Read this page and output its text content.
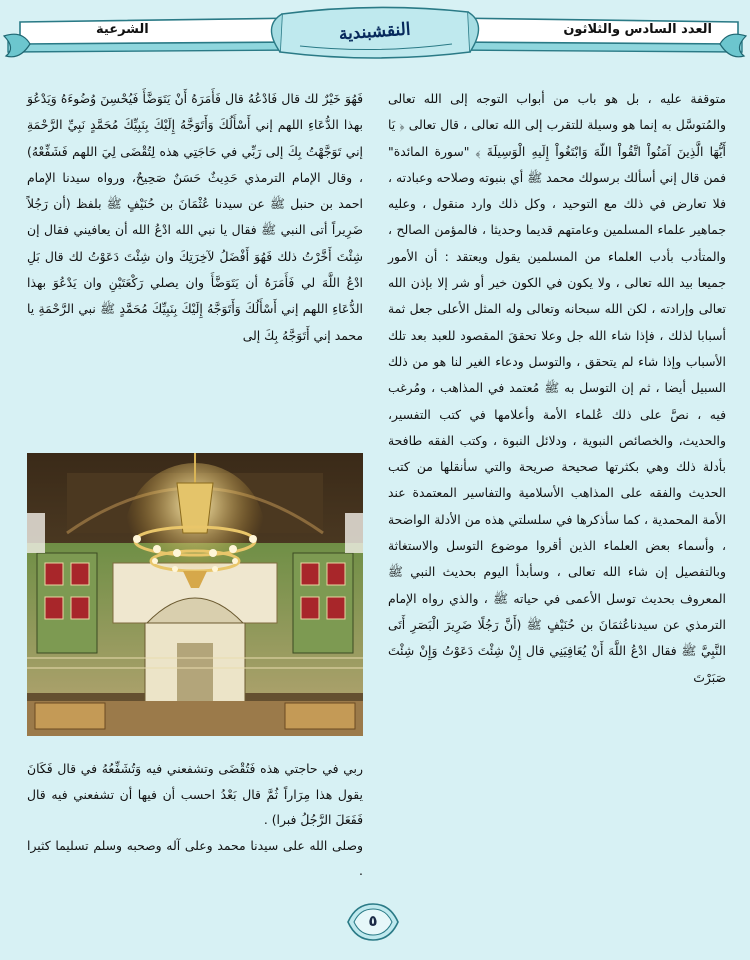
الشرعية	النقشبندية	العدد السادس والثلاثون

متوقفة عليه ، بل هو باب من أبواب التوجه إلى الله تعالى والمُتوسَّل به إنما هو وسيلة للتقرب إلى الله تعالى ، قال تعالى ﴿ يَا أَيُّهَا الَّذِينَ آمَنُواْ اتَّقُواْ اللّهَ وَابْتَغُواْ إِلَيهِ الْوَسِيلَةَ ﴾ "سورة المائدة" فمن قال إني أسألك برسولك محمد ﷺ أي بنبوته وصلاحه وعبادته ، فلا تعارض في ذلك مع التوحيد ، وكل ذلك وارد منقول ، وعليه جماهير علماء المسلمين وعامتهم قديما وحديثا ، فالمؤمن الصالح ، والمتأدب بأدب العلماء من المسلمين يقول ويعتقد : أن الأمور جميعا بيد الله تعالى ، ولا يكون في الكون خير أو شر إلا بإذن الله تعالى وإرادته ، لكن الله سبحانه وتعالى وله المثل الأعلى جعل ثمة أسبابا لذلك ، فإذا شاء الله جل وعلا تحققَ المقصود للعبد بعد تلك الأسباب وإذا شاء لم يتحقق ، والتوسل ودعاء الغير لنا هو من ذلك السبيل أيضا ، ثم إن التوسل به ﷺ مُعتمد في المذاهب ، ومُرغب فيه ، نصَّ على ذلك عُلماء الأمة وأعلامها في كتب التفسير، والحديث، والخصائص النبوية ، ودلائل النبوة ، وكتب الفقه طافحة بأدلة ذلك وهي بكثرتها صحيحة صريحة والتي سأنقلها من كتب الحديث والفقه على المذاهب الأسلامية والتفاسير المعتمدة عند الأمة المحمدية ، كما سأذكرها في سلسلتي هذه من الأدلة الواضحة ، وأسماء بعض العلماء الذين أقروا موضوع التوسل والاستغاثة وبالتفصيل إن شاء الله تعالى ، وسأبدأ اليوم بحديث النبي ﷺ المعروف بحديث توسل الأعمى في حياته ﷺ ، والذي رواه الإمام الترمذي عن سيدناعُثمَانَ بن حُنَيْفٍ ﷺ (أَنَّ رَجُلًا ضَرِيرَ الْبَصَرِ أَتَى النَّبِيَّ ﷺ فقال ادْعُ اللَّهَ أَنْ يُعَافِيَنِي قال إِنْ شِئْتَ دَعَوْتُ وَإِنْ شِئْتَ صَبَرْتَ

فَهُوَ خَيْرٌ لك قال فَادْعُهُ قال فَأَمَرَهُ أَنْ يَتَوَضَّأَ فَيُحْسِنَ وُضُوءَهُ وَيَدْعُوَ بهذا الدُّعَاءِ اللهم إني أَسْأَلُكَ وَأَتَوَجَّهُ إِلَيْكَ بِنَبِيِّكَ مُحَمَّدٍ نَبِيِّ الرَّحْمَةِ إني تَوَجَّهْتُ بِكَ إلى رَبِّي في حَاجَتِي هذه لِتُقْضَى لِيَ اللهم فَشَفِّعْهُ) ، وقال الإمام الترمذي حَدِيثٌ حَسَنٌ صَحِيحٌ، ورواه سيدنا الإمام احمد بن حنبل ﷺ عن سيدنا عُثْمَانَ بن حُنَيْفٍ ﷺ بلفظ (أن رَجُلاً ضَرِيراً أتى النبي ﷺ فقال يا نبي الله ادْعُ الله أن يعافيني فقال إن شِئْتَ أَخَّرْتُ ذلك فَهُوَ أَفْضَلُ لآخِرَتِكَ وان شِئْتَ دَعَوْتُ لك قال بَلِ ادْعُ اللَّهَ لي فَأَمَرَهُ أن يَتَوَضَّأَ وان يصلي رَكْعَتَيْنِ وان يَدْعُوَ بهذا الدُّعَاءِ اللهم إني أَسْأَلُكَ وَأَتَوَجَّهُ إِلَيْكَ بِنَبِيِّكَ مُحَمَّدٍ ﷺ نبي الرَّحْمَةِ يا محمد إني أَتَوَجَّهُ بِكَ إلى

ربي في حاجتي هذه فَتُقْضَى وتشفعني فيه وَتُشَفِّعُهُ في قال فَكَانَ يقول هذا مِرَاراً ثُمَّ قال بَعْدُ احسب أن فيها أن تشفعني فيه قال فَفَعَلَ الرَّجُلُ فبرا) .

وصلى الله على سيدنا محمد وعلى آله وصحبه وسلم تسليما كثيرا .

٥
